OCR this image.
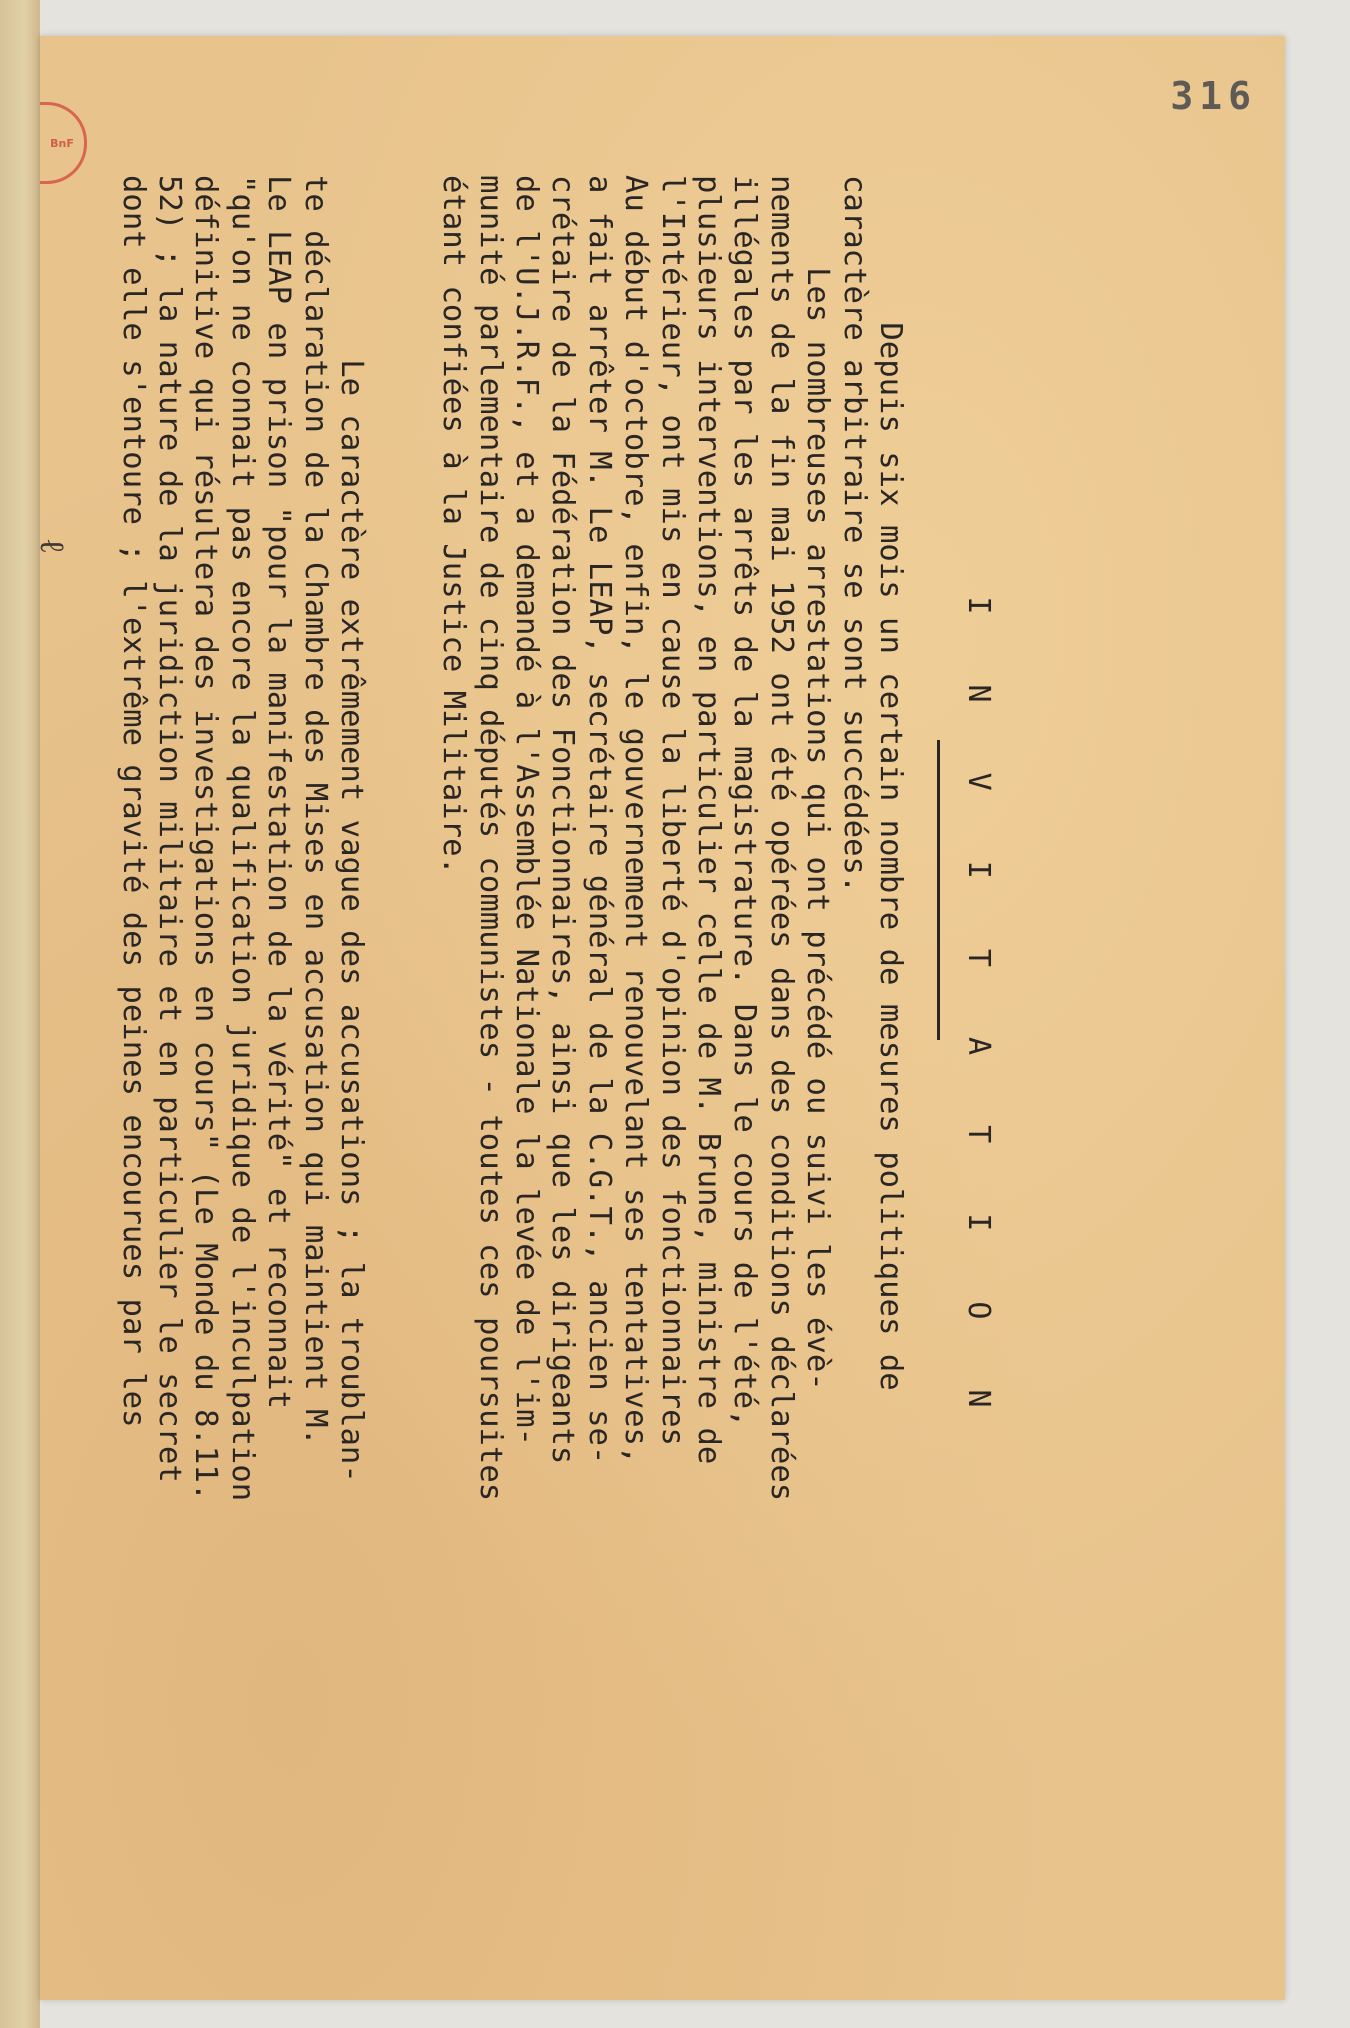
316
BnF
ℓ
I N V I T A T I O N
Depuis six mois un certain nombre de mesures politiques de
caractère arbitraire se sont succédées.
Les nombreuses arrestations qui ont précédé ou suivi les évè-
nements de la fin mai 1952 ont été opérées dans des conditions déclarées
illégales par les arrêts de la magistrature. Dans le cours de l'été,
plusieurs interventions, en particulier celle de M. Brune, ministre de
l'Intérieur, ont mis en cause la liberté d'opinion des fonctionnaires
Au début d'octobre, enfin, le gouvernement renouvelant ses tentatives,
a fait arrêter M. Le LEAP, secrétaire général de la C.G.T., ancien se-
crétaire de la Fédération des Fonctionnaires, ainsi que les dirigeants
de l'U.J.R.F., et a demandé à l'Assemblée Nationale la levée de l'im-
munité parlementaire de cinq députés communistes - toutes ces poursuites
étant confiées à la Justice Militaire.
Le caractère extrêmement vague des accusations ; la troublan-
te déclaration de la Chambre des Mises en accusation qui maintient M.
Le LEAP en prison "pour la manifestation de la vérité" et reconnait
"qu'on ne connait pas encore la qualification juridique de l'inculpation
définitive qui résultera des investigations en cours" (Le Monde du 8.11.
52) ; la nature de la juridiction militaire et en particulier le secret
dont elle s'entoure ; l'extrême gravité des peines encourues par les
